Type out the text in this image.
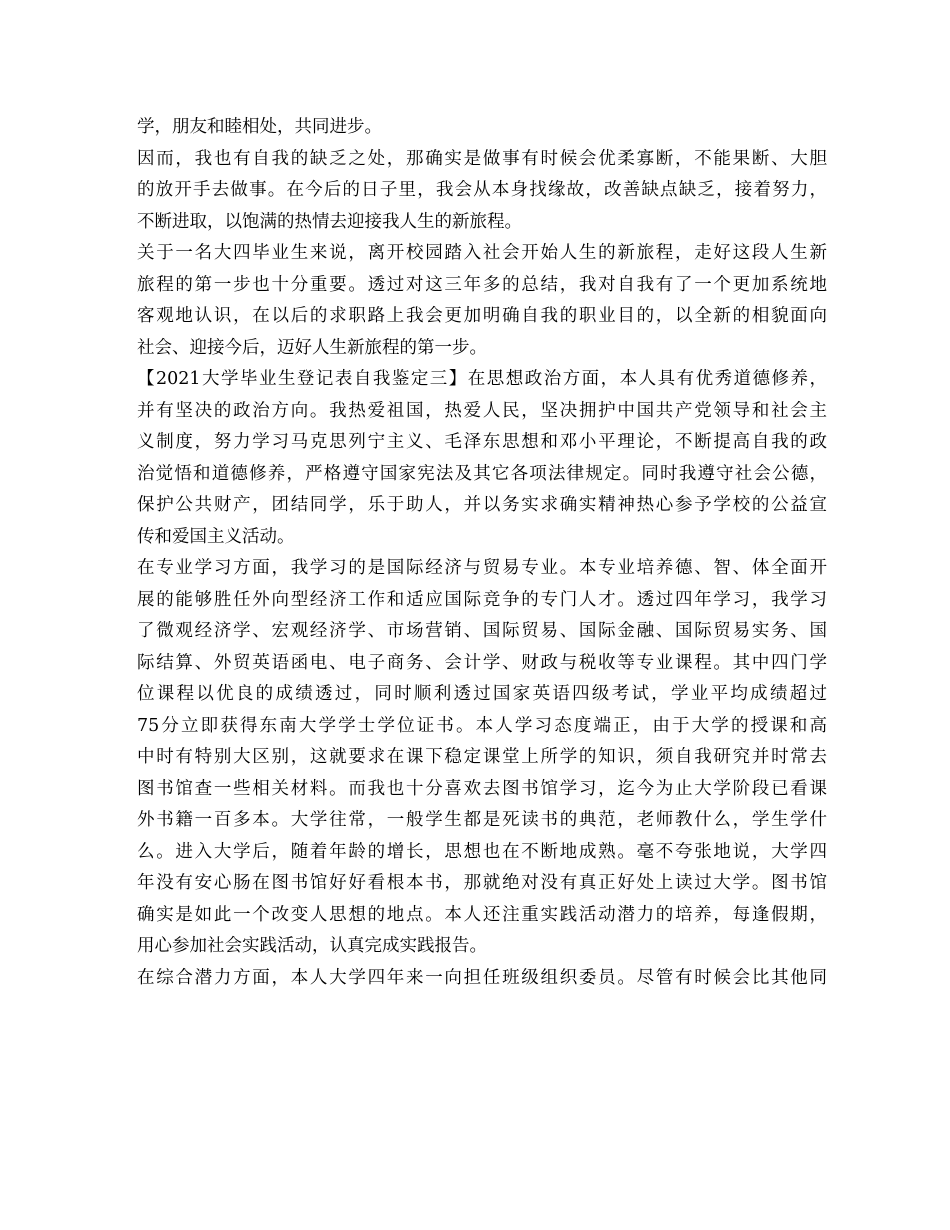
学，朋友和睦相处，共同进步。
因而，我也有自我的缺乏之处，那确实是做事有时候会优柔寡断，不能果断、大胆
的放开手去做事。在今后的日子里，我会从本身找缘故，改善缺点缺乏，接着努力，
不断进取，以饱满的热情去迎接我人生的新旅程。
关于一名大四毕业生来说，离开校园踏入社会开始人生的新旅程，走好这段人生新
旅程的第一步也十分重要。透过对这三年多的总结，我对自我有了一个更加系统地
客观地认识，在以后的求职路上我会更加明确自我的职业目的，以全新的相貌面向
社会、迎接今后，迈好人生新旅程的第一步。
【2021大学毕业生登记表自我鉴定三】在思想政治方面，本人具有优秀道德修养，
并有坚决的政治方向。我热爱祖国，热爱人民，坚决拥护中国共产党领导和社会主
义制度，努力学习马克思列宁主义、毛泽东思想和邓小平理论，不断提高自我的政
治觉悟和道德修养，严格遵守国家宪法及其它各项法律规定。同时我遵守社会公德，
保护公共财产，团结同学，乐于助人，并以务实求确实精神热心参予学校的公益宣
传和爱国主义活动。
在专业学习方面，我学习的是国际经济与贸易专业。本专业培养德、智、体全面开
展的能够胜任外向型经济工作和适应国际竞争的专门人才。透过四年学习，我学习
了微观经济学、宏观经济学、市场营销、国际贸易、国际金融、国际贸易实务、国
际结算、外贸英语函电、电子商务、会计学、财政与税收等专业课程。其中四门学
位课程以优良的成绩透过，同时顺利透过国家英语四级考试，学业平均成绩超过
75分立即获得东南大学学士学位证书。本人学习态度端正，由于大学的授课和高
中时有特别大区别，这就要求在课下稳定课堂上所学的知识，须自我研究并时常去
图书馆查一些相关材料。而我也十分喜欢去图书馆学习，迄今为止大学阶段已看课
外书籍一百多本。大学往常，一般学生都是死读书的典范，老师教什么，学生学什
么。进入大学后，随着年龄的增长，思想也在不断地成熟。毫不夸张地说，大学四
年没有安心肠在图书馆好好看根本书，那就绝对没有真正好处上读过大学。图书馆
确实是如此一个改变人思想的地点。本人还注重实践活动潜力的培养，每逢假期，
用心参加社会实践活动，认真完成实践报告。
在综合潜力方面，本人大学四年来一向担任班级组织委员。尽管有时候会比其他同
